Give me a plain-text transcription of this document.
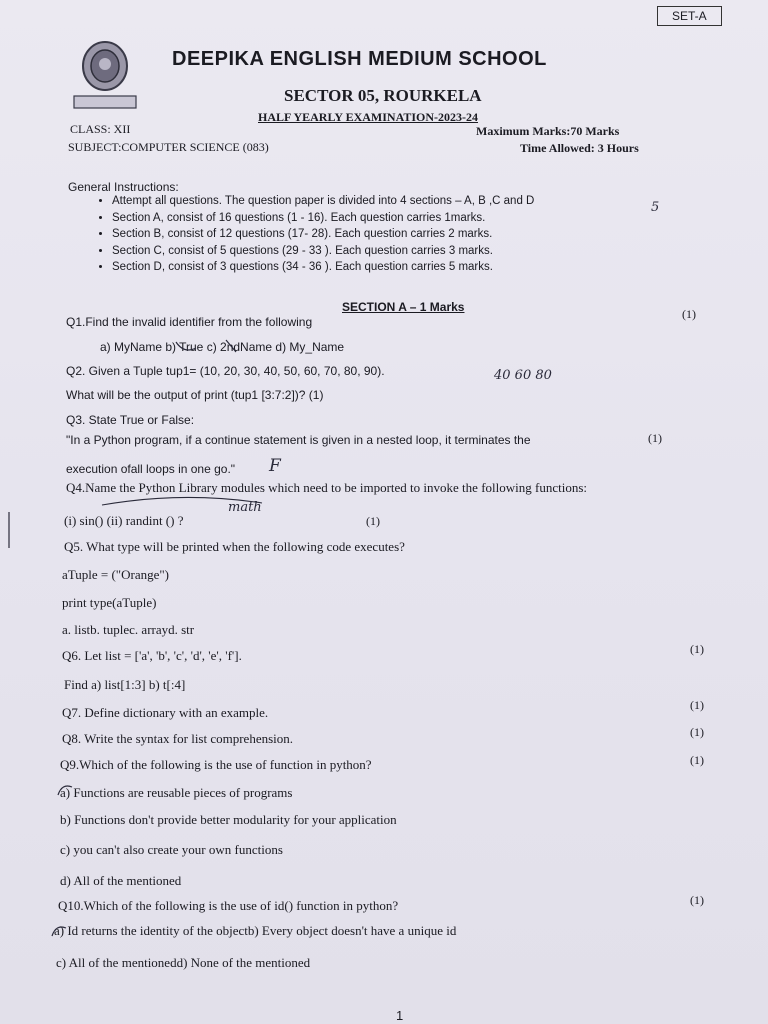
SET-A
DEEPIKA ENGLISH MEDIUM SCHOOL
SECTOR 05, ROURKELA
HALF YEARLY EXAMINATION-2023-24
CLASS: XII
SUBJECT:COMPUTER SCIENCE (083)
Maximum Marks:70 Marks
Time Allowed: 3 Hours
General Instructions:
• Attempt all questions. The question paper is divided into 4 sections – A, B ,C and D
• Section A, consist of 16 questions (1 - 16). Each question carries 1marks.
• Section B, consist of 12 questions (17- 28). Each question carries 2 marks.
• Section C, consist of 5 questions (29 - 33 ). Each question carries 3 marks.
• Section D, consist of 3 questions (34 - 36 ). Each question carries 5 marks.
5
SECTION A – 1 Marks
Q1.Find the invalid identifier from the following
(1)
a) MyName b) True c) 2ndName d) My_Name
Q2. Given a Tuple tup1= (10, 20, 30, 40, 50, 60, 70, 80, 90).	40 60 80
What will be the output of print (tup1 [3:7:2])? (1)
Q3. State True or False:
"In a Python program, if a continue statement is given in a nested loop, it terminates the	(1)
execution ofall loops in one go." F
Q4.Name the Python Library modules which need to be imported to invoke the following functions:
math
(i) sin() (ii) randint () ?	(1)
Q5. What type will be printed when the following code executes?
aTuple = ("Orange")
print type(aTuple)
a. listb. tuplec. arrayd. str
Q6. Let list = ['a', 'b', 'c', 'd', 'e', 'f'].	(1)
Find a) list[1:3] b) t[:4]
Q7. Define dictionary with an example.	(1)
Q8. Write the syntax for list comprehension.	(1)
Q9.Which of the following is the use of function in python?	(1)
a) Functions are reusable pieces of programs
b) Functions don't provide better modularity for your application
c) you can't also create your own functions
d) All of the mentioned
Q10.Which of the following is the use of id() function in python?	(1)
a) Id returns the identity of the objectb) Every object doesn't have a unique id
c) All of the mentionedd) None of the mentioned
1
